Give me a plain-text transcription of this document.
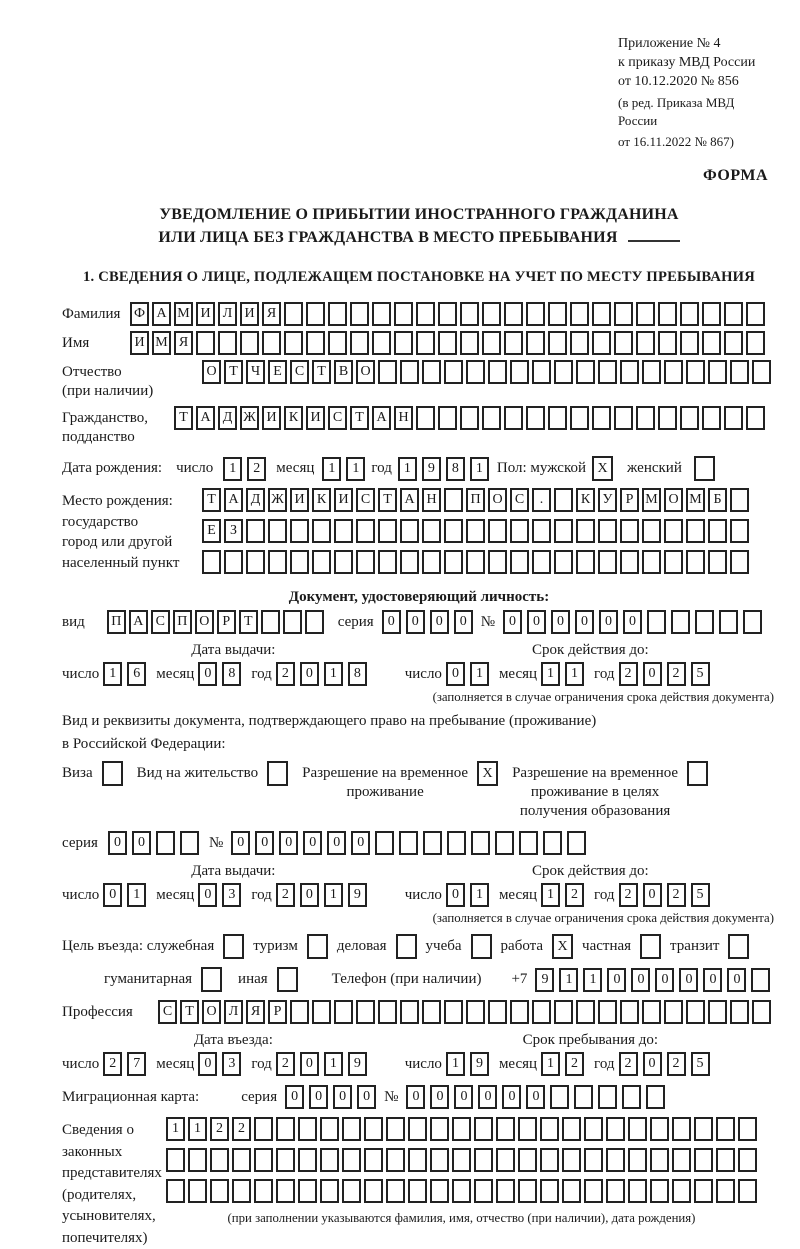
Приложение № 4
к приказу МВД России
от 10.12.2020 № 856
(в ред. Приказа МВД России
от 16.11.2022 № 867)
ФОРМА
УВЕДОМЛЕНИЕ О ПРИБЫТИИ ИНОСТРАННОГО ГРАЖДАНИНА
ИЛИ ЛИЦА БЕЗ ГРАЖДАНСТВА В МЕСТО ПРЕБЫВАНИЯ
1. СВЕДЕНИЯ О ЛИЦЕ, ПОДЛЕЖАЩЕМ ПОСТАНОВКЕ НА УЧЕТ ПО МЕСТУ ПРЕБЫВАНИЯ
Фамилия Ф А М И Л И Я
Имя	И М Я
Отчество
(при наличии)
О Т Ч Е С Т В О
Гражданство,
подданство
Т А Д Ж И К И С Т А Н
Дата рождения: число	1	2	месяц	1	1 год 1	9	8	1 Пол: мужской X	женский
Место рождения:
государство
город или другой
населенный пункт
Т А Д Ж И К И С Т А Н	П О С	.	К У Р М О М Б
Е	З
Документ, удостоверяющий личность:
вид	П А С П О Р Т	серия	0	0	0	0 №	0	0	0	0	0	0
Дата выдачи:	Срок действия до:
число 1	6	месяц 0	8	год 2	0	1	8	число 0	1	месяц 1	1	год 2	0	2	5
(заполняется в случае ограничения срока действия документа)
Вид и реквизиты документа, подтверждающего право на пребывание (проживание)
в Российской Федерации:
Виза	Вид на жительство	Разрешение на временное
проживание
X	Разрешение на временное
проживание в целях
получения образования
серия	0	0	№	0	0	0	0	0	0
Дата выдачи:	Срок действия до:
число 0	1	месяц 0	3	год 2	0	1	9	число 0	1	месяц 1	2	год 2	0	2	5
(заполняется в случае ограничения срока действия документа)
Цель въезда: служебная	туризм	деловая	учеба	работа	X частная	транзит
гуманитарная	иная	Телефон (при наличии) +7	9	1	1	0	0	0	0	0	0
Профессия	С Т О Л Я Р
Дата въезда:	Срок пребывания до:
число 2	7	месяц 0	3	год 2	0	1	9	число 1	9	месяц 1	2	год 2	0	2	5
Миграционная карта:	серия	0	0	0	0 №	0	0	0	0	0	0
Сведения о
законных
представителях
(родителях,
усыновителях,
попечителях)
1	1	2	2
(при заполнении указываются фамилия, имя, отчество (при наличии), дата рождения)
